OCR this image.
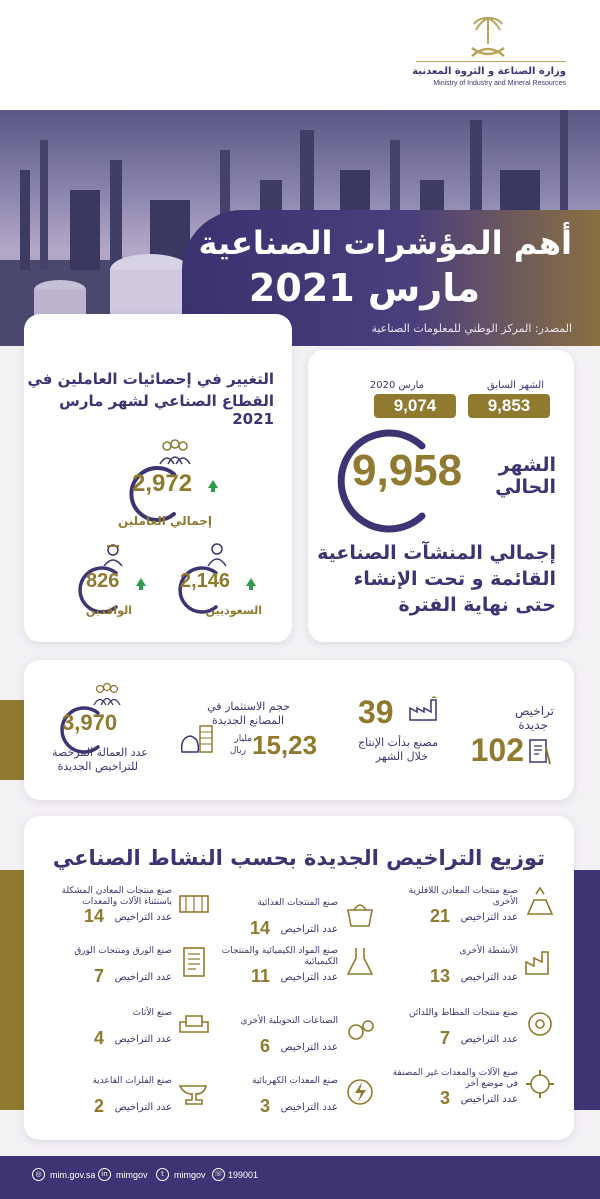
وزارة الصناعة و الثروة المعدنية
Ministry of Industry and Mineral Resources
أهم المؤشرات الصناعية
مارس 2021
المصدر: المركز الوطني للمعلومات الصناعية
الشهر السابق
9,853
مارس 2020
9,074
9,958 الشهر
الحالي
إجمالي المنشآت الصناعية
القائمة و تحت الإنشاء
حتى نهاية الفترة
التغيير في إحصائيات العاملين في
القطاع الصناعي لشهر مارس 2021
2,972
إجمالي العاملين
2,146
السعوديين
826
الوافدين
تراخيص
جديدة
102
39
مصنع بدأت الإنتاج
خلال الشهر
حجم الاستثمار في
المصانع الجديدة
15,23
مليار
ريال
3,970
عدد العمالة المرخصة
للتراخيص الجديدة
توزيع التراخيص الجديدة بحسب النشاط الصناعي
صنع منتجات المعادن اللافلزية الأخرى
عدد التراخيص
21
الأنشطة الأخرى
عدد التراخيص
13
صنع منتجات المطاط واللدائن
عدد التراخيص
7
صنع الآلات والمعدات غير المصنفة في موضع آخر
عدد التراخيص
3
صنع المنتجات الغذائية
عدد التراخيص
14
صنع المواد الكيميائية والمنتجات الكيميائية
عدد التراخيص
11
الصناعات التحويلية الأخرى
عدد التراخيص
6
صنع المعدات الكهربائية
عدد التراخيص
3
صنع منتجات المعادن المشكلة باستثناء الآلات والمعدات
عدد التراخيص
14
صنع الورق ومنتجات الورق
عدد التراخيص
7
صنع الأثاث
عدد التراخيص
4
صنع الفلزات القاعدية
عدد التراخيص
2
◎ mim.gov.sa in mimgov	t	mimgov	☏ 199001
